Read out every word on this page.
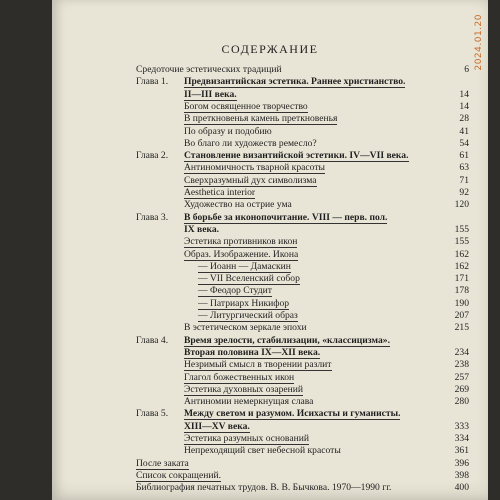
2024.01.20
СОДЕРЖАНИЕ
Средоточие эстетических традиций	6
Глава 1. Предвизантийская эстетика. Раннее христианство.
II—III века.	14
Богом освященное творчество	14
В преткновенья камень преткновенья	28
По образу и подобию	41
Во благо ли художеств ремесло?	54
Глава 2. Становление византийской эстетики. IV—VII века.	61
Антиномичность тварной красоты	63
Сверхразумный дух символизма	71
Aesthetica interior	92
Художество на острие ума	120
Глава 3. В борьбе за иконопочитание. VIII — перв. пол.
IX века.	155
Эстетика противников икон	155
Образ. Изображение. Икона	162
— Иоанн — Дамаскин	162
— VII Вселенский собор	171
— Феодор Студит	178
— Патриарх Никифор	190
— Литургический образ	207
В эстетическом зеркале эпохи	215
Глава 4. Время зрелости, стабилизации, «классицизма».
Вторая половина IX—XII века.	234
Незримый смысл в творении разлит	238
Глагол божественных икон	257
Эстетика духовных озарений	269
Антиномии немеркнущая слава	280
Глава 5. Между светом и разумом. Исихасты и гуманисты.
XIII—XV века.	333
Эстетика разумных оснований	334
Непреходящий свет небесной красоты	361
После заката	396
Список сокращений.	398
Библиография печатных трудов. В. В. Бычкова. 1970—1990 гг.	400
